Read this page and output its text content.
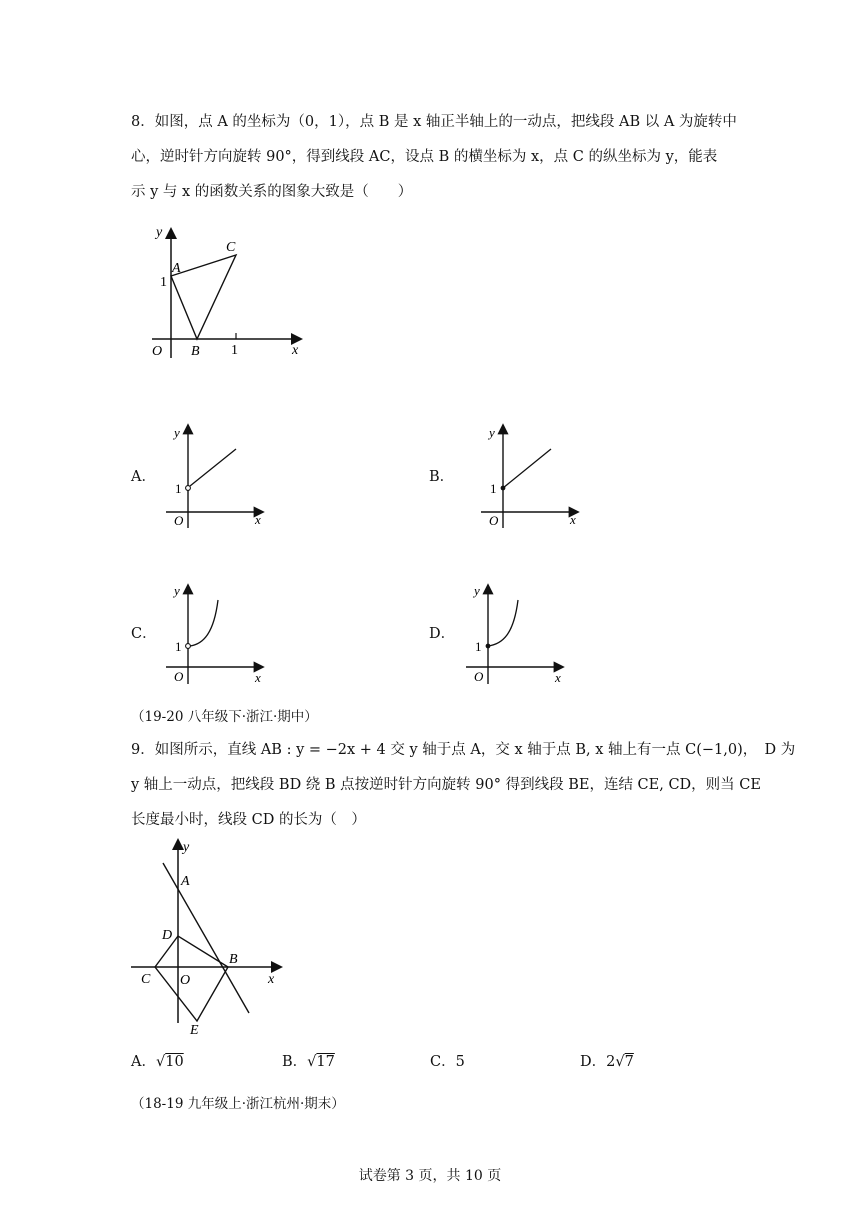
8．如图，点 A 的坐标为（0，1），点 B 是 x 轴正半轴上的一动点，把线段 AB 以 A 为旋转中
心，逆时针方向旋转 90°，得到线段 AC，设点 B 的横坐标为 x，点 C 的纵坐标为 y，能表
示 y 与 x 的函数关系的图象大致是（　　）
y
x
O
A
B
C
1
1
A．
y
x
O
1
B．
y
x
O
1
C．
y
x
O
1
D．
y
x
O
1
（19-20 八年级下·浙江·期中）
9．如图所示，直线 AB : y = −2x + 4 交 y 轴于点 A，交 x 轴于点 B, x 轴上有一点 C(−1,0)，　D 为
y 轴上一动点，把线段 BD 绕 B 点按逆时针方向旋转 90° 得到线段 BE，连结 CE, CD，则当 CE
长度最小时，线段 CD 的长为（　）
y
x
O
A
B
C
D
E
A．√10	B．√17	C．5	D．2√7
（18-19 九年级上·浙江杭州·期末）
试卷第 3 页，共 10 页
